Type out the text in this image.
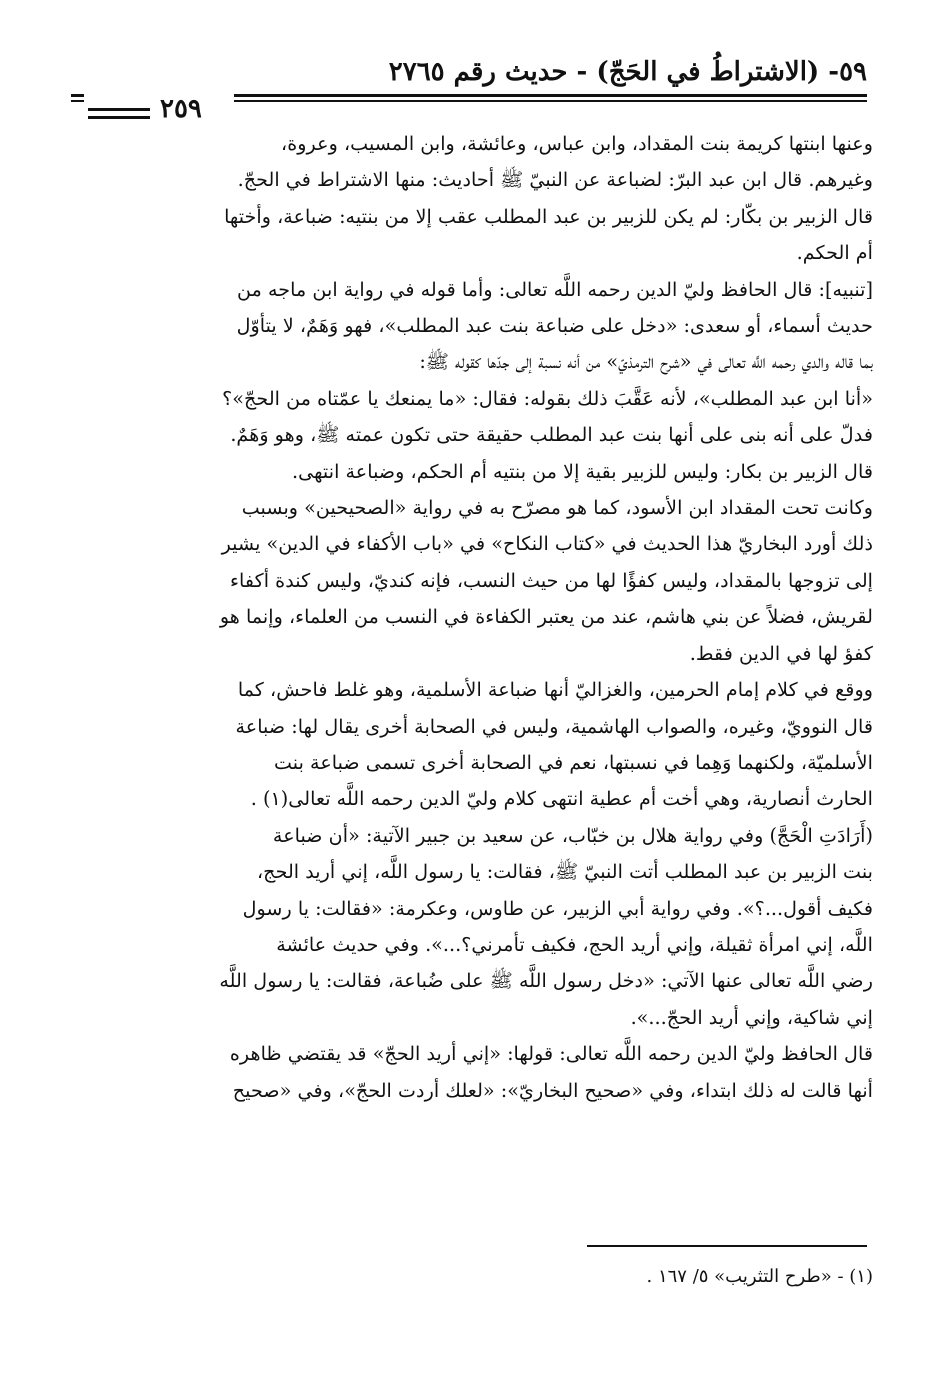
٥٩- (الاشتراطُ في الحَجّ) - حديث رقم ٢٧٦٥
٢٥٩
وعنها ابنتها كريمة بنت المقداد، وابن عباس، وعائشة، وابن المسيب، وعروة،
وغيرهم. قال ابن عبد البرّ: لضباعة عن النبيّ ﷺ أحاديث: منها الاشتراط في الحجّ.
قال الزبير بن بكّار: لم يكن للزبير بن عبد المطلب عقب إلا من بنتيه: ضباعة، وأختها
أم الحكم.
[تنبيه]: قال الحافظ وليّ الدين رحمه اللَّه تعالى: وأما قوله في رواية ابن ماجه من
حديث أسماء، أو سعدى: «دخل على ضباعة بنت عبد المطلب»، فهو وَهَمٌ، لا يتأوّل
بما قاله والدي رحمه اللَّه تعالى في «شرح الترمذيّ» من أنه نسبة إلى جدّها كقوله ﷺ:
«أنا ابن عبد المطلب»، لأنه عَقَّبَ ذلك بقوله: فقال: «ما يمنعك يا عمّتاه من الحجّ»؟
فدلّ على أنه بنى على أنها بنت عبد المطلب حقيقة حتى تكون عمته ﷺ، وهو وَهَمٌ.
قال الزبير بن بكار: وليس للزبير بقية إلا من بنتيه أم الحكم، وضباعة انتهى.
وكانت تحت المقداد ابن الأسود، كما هو مصرّح به في رواية «الصحيحين» وبسبب
ذلك أورد البخاريّ هذا الحديث في «كتاب النكاح» في «باب الأكفاء في الدين» يشير
إلى تزوجها بالمقداد، وليس كفؤًا لها من حيث النسب، فإنه كنديّ، وليس كندة أكفاء
لقريش، فضلاً عن بني هاشم، عند من يعتبر الكفاءة في النسب من العلماء، وإنما هو
كفؤ لها في الدين فقط.
ووقع في كلام إمام الحرمين، والغزاليّ أنها ضباعة الأسلمية، وهو غلط فاحش، كما
قال النوويّ، وغيره، والصواب الهاشمية، وليس في الصحابة أخرى يقال لها: ضباعة
الأسلميّة، ولكنهما وَهِما في نسبتها، نعم في الصحابة أخرى تسمى ضباعة بنت
الحارث أنصارية، وهي أخت أم عطية انتهى كلام وليّ الدين رحمه اللَّه تعالى(١) .
(أَرَادَتِ الْحَجَّ) وفي رواية هلال بن خبّاب، عن سعيد بن جبير الآتية: «أن ضباعة
بنت الزبير بن عبد المطلب أتت النبيّ ﷺ، فقالت: يا رسول اللَّه، إني أريد الحج،
فكيف أقول...؟». وفي رواية أبي الزبير، عن طاوس، وعكرمة: «فقالت: يا رسول
اللَّه، إني امرأة ثقيلة، وإني أريد الحج، فكيف تأمرني؟...». وفي حديث عائشة
رضي اللَّه تعالى عنها الآتي: «دخل رسول اللَّه ﷺ على ضُباعة، فقالت: يا رسول اللَّه
إني شاكية، وإني أريد الحجّ...».
قال الحافظ وليّ الدين رحمه اللَّه تعالى: قولها: «إني أريد الحجّ» قد يقتضي ظاهره
أنها قالت له ذلك ابتداء، وفي «صحيح البخاريّ»: «لعلك أردت الحجّ»، وفي «صحيح
(١) - «طرح التثريب» ٥/ ١٦٧ .
